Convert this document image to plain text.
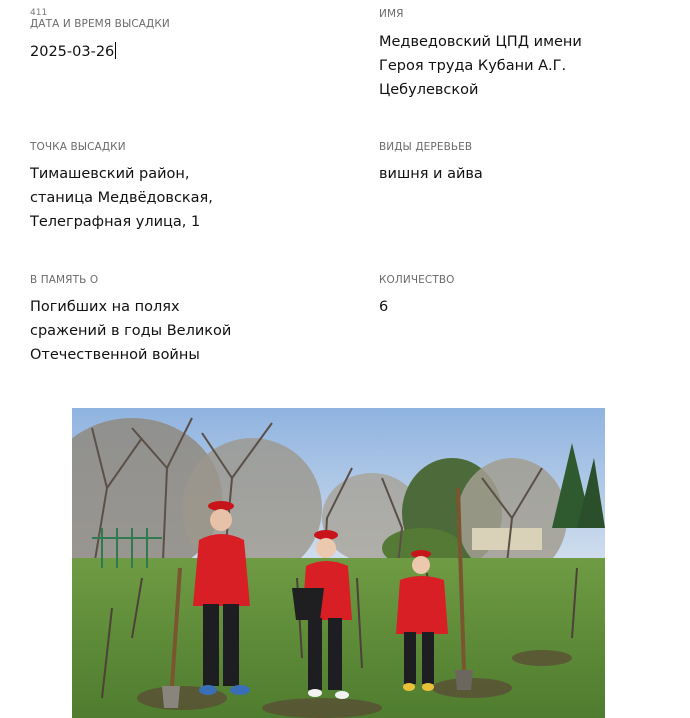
411
ДАТА И ВРЕМЯ ВЫСАДКИ
2025-03-26
ИМЯ
Медведовский ЦПД имени
Героя труда Кубани А.Г.
Цебулевской
ТОЧКА ВЫСАДКИ
Тимашевский район,
станица Медвёдовская,
Телеграфная улица, 1
ВИДЫ ДЕРЕВЬЕВ
вишня и айва
В ПАМЯТЬ О
Погибших на полях
сражений в годы Великой
Отечественной войны
КОЛИЧЕСТВО
6
